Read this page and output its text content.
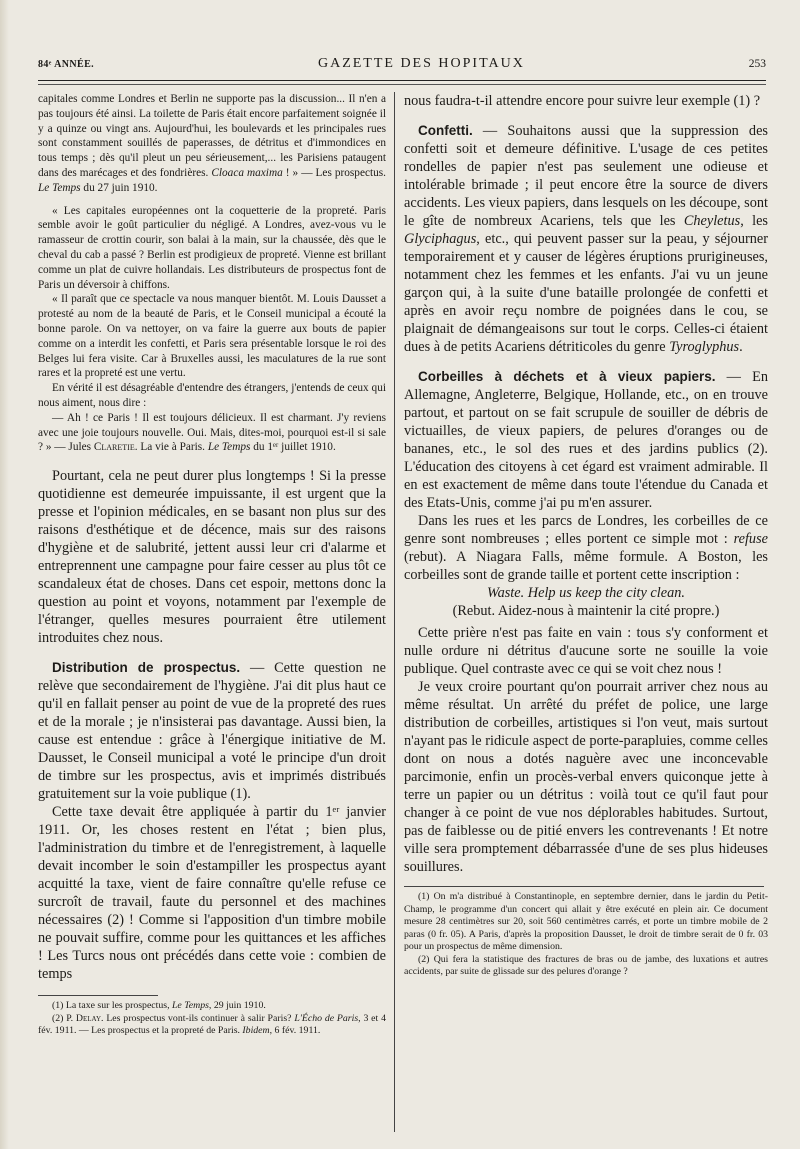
84ᵉ ANNÉE.	GAZETTE DES HOPITAUX	253

capitales comme Londres et Berlin ne supporte pas la discussion... Il n'en a pas toujours été ainsi. La toilette de Paris était encore parfaitement soignée il y a quinze ou vingt ans. Aujourd'hui, les boulevards et les principales rues sont constamment souillés de paperasses, de détritus et d'immondices en tous temps ; dès qu'il pleut un peu sérieusement,... les Parisiens pataugent dans des marécages et des fondrières. Cloaca maxima ! » — Les prospectus. Le Temps du 27 juin 1910.

« Les capitales européennes ont la coquetterie de la propreté. Paris semble avoir le goût particulier du négligé. A Londres, avez-vous vu le ramasseur de crottin courir, son balai à la main, sur la chaussée, dès que le cheval du cab a passé ? Berlin est prodigieux de propreté. Vienne est brillant comme un plat de cuivre hollandais. Les distributeurs de prospectus font de Paris un déversoir à chiffons.

« Il paraît que ce spectacle va nous manquer bientôt. M. Louis Dausset a protesté au nom de la beauté de Paris, et le Conseil municipal a écouté la bonne parole. On va nettoyer, on va faire la guerre aux bouts de papier comme on a interdit les confetti, et Paris sera présentable lorsque le roi des Belges lui fera visite. Car à Bruxelles aussi, les maculatures de la rue sont rares et la propreté est une vertu.

En vérité il est désagréable d'entendre des étrangers, j'entends de ceux qui nous aiment, nous dire :

— Ah ! ce Paris ! Il est toujours délicieux. Il est charmant. J'y reviens avec une joie toujours nouvelle. Oui. Mais, dites-moi, pourquoi est-il si sale ? » — Jules Claretie. La vie à Paris. Le Temps du 1ᵉʳ juillet 1910.

Pourtant, cela ne peut durer plus longtemps ! Si la presse quotidienne est demeurée impuissante, il est urgent que la presse et l'opinion médicales, en se basant non plus sur des raisons d'esthétique et de décence, mais sur des raisons d'hygiène et de salubrité, jettent aussi leur cri d'alarme et entreprennent une campagne pour faire cesser au plus tôt ce scandaleux état de choses. Dans cet espoir, mettons donc la question au point et voyons, notamment par l'exemple de l'étranger, quelles mesures pourraient être utilement introduites chez nous.

Distribution de prospectus. — Cette question ne relève que secondairement de l'hygiène. J'ai dit plus haut ce qu'il en fallait penser au point de vue de la propreté des rues et de la morale ; je n'insisterai pas davantage. Aussi bien, la cause est entendue : grâce à l'énergique initiative de M. Dausset, le Conseil municipal a voté le principe d'un droit de timbre sur les prospectus, avis et imprimés distribués gratuitement sur la voie publique (1).

Cette taxe devait être appliquée à partir du 1ᵉʳ janvier 1911. Or, les choses restent en l'état ; bien plus, l'administration du timbre et de l'enregistrement, à laquelle devait incomber le soin d'estampiller les prospectus ayant acquitté la taxe, vient de faire connaître qu'elle refuse ce surcroît de travail, faute du personnel et des machines nécessaires (2) ! Comme si l'apposition d'un timbre mobile ne pouvait suffire, comme pour les quittances et les affiches ! Les Turcs nous ont précédés dans cette voie : combien de temps

(1) La taxe sur les prospectus, Le Temps, 29 juin 1910.

(2) P. Delay. Les prospectus vont-ils continuer à salir Paris? L'Écho de Paris, 3 et 4 fév. 1911. — Les prospectus et la propreté de Paris. Ibidem, 6 fév. 1911.

nous faudra-t-il attendre encore pour suivre leur exemple (1) ?

Confetti. — Souhaitons aussi que la suppression des confetti soit et demeure définitive. L'usage de ces petites rondelles de papier n'est pas seulement une odieuse et intolérable brimade ; il peut encore être la source de divers accidents. Les vieux papiers, dans lesquels on les découpe, sont le gîte de nombreux Acariens, tels que les Cheyletus, les Glyciphagus, etc., qui peuvent passer sur la peau, y séjourner temporairement et y causer de légères éruptions prurigineuses, notamment chez les femmes et les enfants. J'ai vu un jeune garçon qui, à la suite d'une bataille prolongée de confetti et après en avoir reçu nombre de poignées dans le cou, se plaignait de démangeaisons sur tout le corps. Celles-ci étaient dues à de petits Acariens détriticoles du genre Tyroglyphus.

Corbeilles à déchets et à vieux papiers. — En Allemagne, Angleterre, Belgique, Hollande, etc., on en trouve partout, et partout on se fait scrupule de souiller de débris de victuailles, de vieux papiers, de pelures d'oranges ou de bananes, etc., le sol des rues et des jardins publics (2). L'éducation des citoyens à cet égard est vraiment admirable. Il en est exactement de même dans toute l'étendue du Canada et des Etats-Unis, comme j'ai pu m'en assurer.

Dans les rues et les parcs de Londres, les corbeilles de ce genre sont nombreuses ; elles portent ce simple mot : refuse (rebut). A Niagara Falls, même formule. A Boston, les corbeilles sont de grande taille et portent cette inscription :

Waste. Help us keep the city clean.

(Rebut. Aidez-nous à maintenir la cité propre.)

Cette prière n'est pas faite en vain : tous s'y conforment et nulle ordure ni détritus d'aucune sorte ne souille la voie publique. Quel contraste avec ce qui se voit chez nous !

Je veux croire pourtant qu'on pourrait arriver chez nous au même résultat. Un arrêté du préfet de police, une large distribution de corbeilles, artistiques si l'on veut, mais surtout n'ayant pas le ridicule aspect de porte-parapluies, comme celles dont on nous a dotés naguère avec une inconcevable parcimonie, enfin un procès-verbal envers quiconque jette à terre un papier ou un détritus : voilà tout ce qu'il faut pour changer à ce point de vue nos déplorables habitudes. Surtout, pas de faiblesse ou de pitié envers les contrevenants ! Et notre ville sera promptement débarrassée d'une de ses plus hideuses souillures.

(1) On m'a distribué à Constantinople, en septembre dernier, dans le jardin du Petit-Champ, le programme d'un concert qui allait y être exécuté en plein air. Ce document mesure 28 centimètres sur 20, soit 560 centimètres carrés, et porte un timbre mobile de 2 paras (0 fr. 05). A Paris, d'après la proposition Dausset, le droit de timbre serait de 0 fr. 03 pour un prospectus de même dimension.

(2) Qui fera la statistique des fractures de bras ou de jambe, des luxations et autres accidents, par suite de glissade sur des pelures d'orange ?
